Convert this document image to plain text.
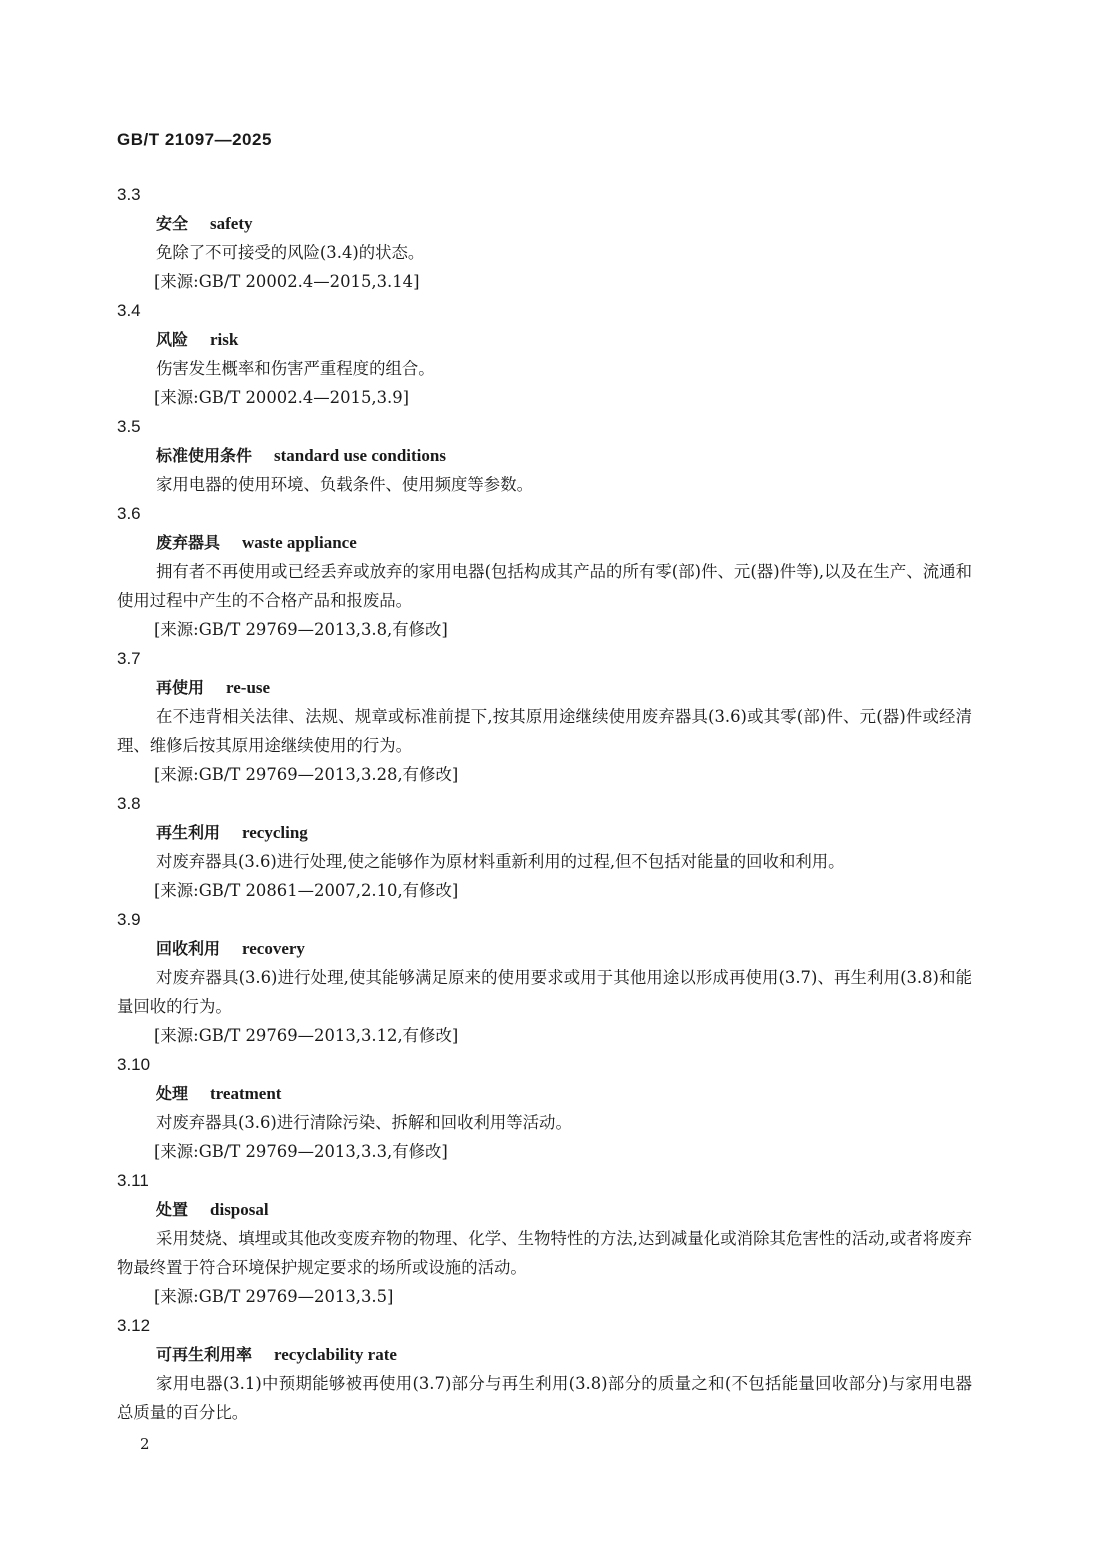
GB/T 21097—2025
3.3
安全 safety

免除了不可接受的风险(3.4)的状态。

[来源:GB/T 20002.4—2015,3.14]
3.4
风险 risk

伤害发生概率和伤害严重程度的组合。

[来源:GB/T 20002.4—2015,3.9]
3.5
标准使用条件 standard use conditions

家用电器的使用环境、负载条件、使用频度等参数。

3.6
废弃器具 waste appliance

拥有者不再使用或已经丢弃或放弃的家用电器(包括构成其产品的所有零(部)件、元(器)件等),以及在生产、流通和使用过程中产生的不合格产品和报废品。

[来源:GB/T 29769—2013,3.8,有修改]
3.7
再使用 re-use

在不违背相关法律、法规、规章或标准前提下,按其原用途继续使用废弃器具(3.6)或其零(部)件、元(器)件或经清理、维修后按其原用途继续使用的行为。

[来源:GB/T 29769—2013,3.28,有修改]
3.8
再生利用 recycling

对废弃器具(3.6)进行处理,使之能够作为原材料重新利用的过程,但不包括对能量的回收和利用。

[来源:GB/T 20861—2007,2.10,有修改]
3.9
回收利用 recovery

对废弃器具(3.6)进行处理,使其能够满足原来的使用要求或用于其他用途以形成再使用(3.7)、再生利用(3.8)和能量回收的行为。

[来源:GB/T 29769—2013,3.12,有修改]
3.10
处理 treatment

对废弃器具(3.6)进行清除污染、拆解和回收利用等活动。

[来源:GB/T 29769—2013,3.3,有修改]
3.11
处置 disposal

采用焚烧、填埋或其他改变废弃物的物理、化学、生物特性的方法,达到减量化或消除其危害性的活动,或者将废弃物最终置于符合环境保护规定要求的场所或设施的活动。

[来源:GB/T 29769—2013,3.5]
3.12
可再生利用率 recyclability rate

家用电器(3.1)中预期能够被再使用(3.7)部分与再生利用(3.8)部分的质量之和(不包括能量回收部分)与家用电器总质量的百分比。

2
